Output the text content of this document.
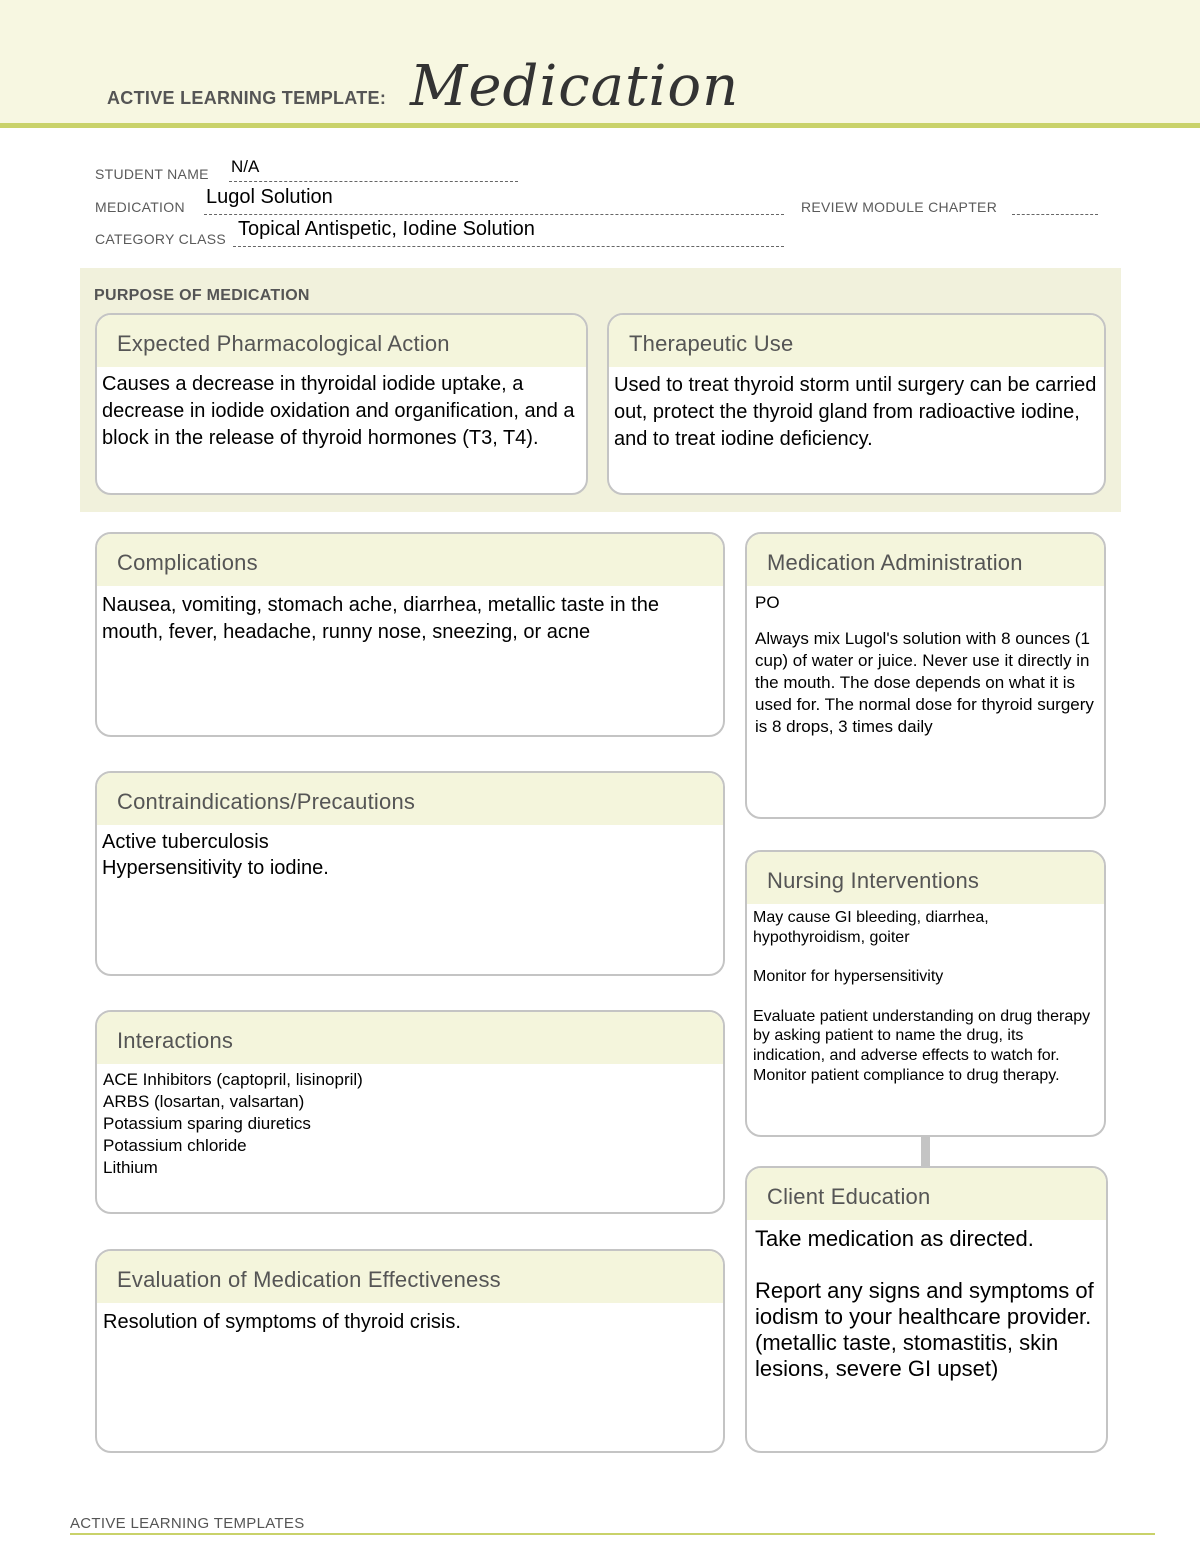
ACTIVE LEARNING TEMPLATE: Medication
STUDENT NAME N/A
MEDICATION Lugol Solution	REVIEW MODULE CHAPTER
CATEGORY CLASS Topical Antispetic, Iodine Solution
PURPOSE OF MEDICATION
Expected Pharmacological Action
Causes a decrease in thyroidal iodide uptake, a decrease in iodide oxidation and organification, and a block in the release of thyroid hormones (T3, T4).
Therapeutic Use
Used to treat thyroid storm until surgery can be carried out, protect the thyroid gland from radioactive iodine, and to treat iodine deficiency.
Complications
Nausea, vomiting, stomach ache, diarrhea, metallic taste in the mouth, fever, headache, runny nose, sneezing, or acne
Contraindications/Precautions
Active tuberculosis
Hypersensitivity to iodine.
Interactions
ACE Inhibitors (captopril, lisinopril)
ARBS (losartan, valsartan)
Potassium sparing diuretics
Potassium chloride
Lithium
Evaluation of Medication Effectiveness
Resolution of symptoms of thyroid crisis.
Medication Administration
PO
Always mix Lugol's solution with 8 ounces (1 cup) of water or juice. Never use it directly in the mouth. The dose depends on what it is used for. The normal dose for thyroid surgery is 8 drops, 3 times daily
Nursing Interventions
May cause GI bleeding, diarrhea, hypothyroidism, goiter

Monitor for hypersensitivity

Evaluate patient understanding on drug therapy by asking patient to name the drug, its indication, and adverse effects to watch for.
Monitor patient compliance to drug therapy.
Client Education
Take medication as directed.

Report any signs and symptoms of iodism to your healthcare provider. (metallic taste, stomastitis, skin lesions, severe GI upset)
ACTIVE LEARNING TEMPLATES
